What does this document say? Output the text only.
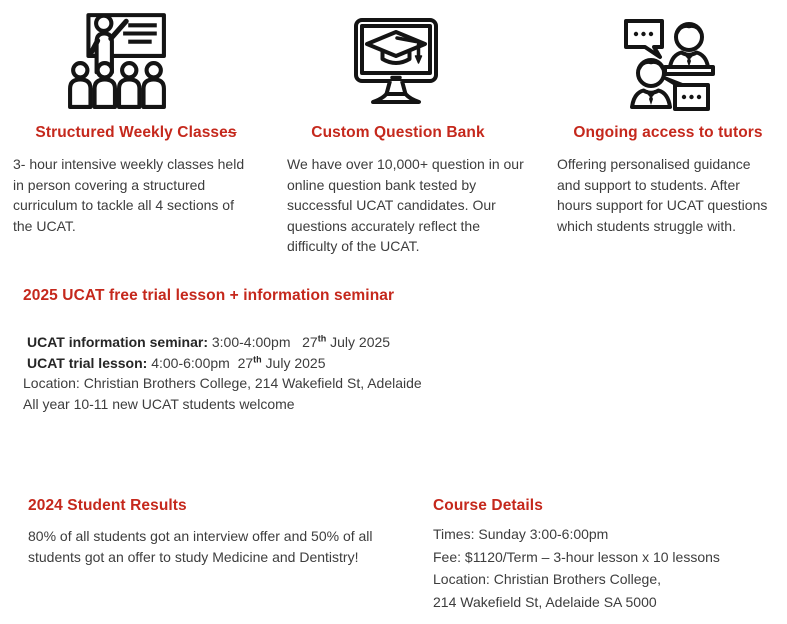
Structured Weekly Classes
3- hour intensive weekly classes held in person covering a structured curriculum to tackle all 4 sections of the UCAT.
Custom Question Bank
We have over 10,000+ question in our online question bank tested by successful UCAT candidates. Our questions accurately reflect the difficulty of the UCAT.
Ongoing access to tutors
Offering personalised guidance and support to students. After hours support for UCAT questions which students struggle with.
2025 UCAT free trial lesson + information seminar
UCAT information seminar: 3:00-4:00pm   27th July 2025
UCAT trial lesson: 4:00-6:00pm  27th July 2025
Location: Christian Brothers College, 214 Wakefield St, Adelaide
All year 10-11 new UCAT students welcome
2024 Student Results
80% of all students got an interview offer and 50% of all students got an offer to study Medicine and Dentistry!
Course Details
Times: Sunday 3:00-6:00pm
Fee: $1120/Term – 3-hour lesson x 10 lessons
Location: Christian Brothers College,
214 Wakefield St, Adelaide SA 5000
